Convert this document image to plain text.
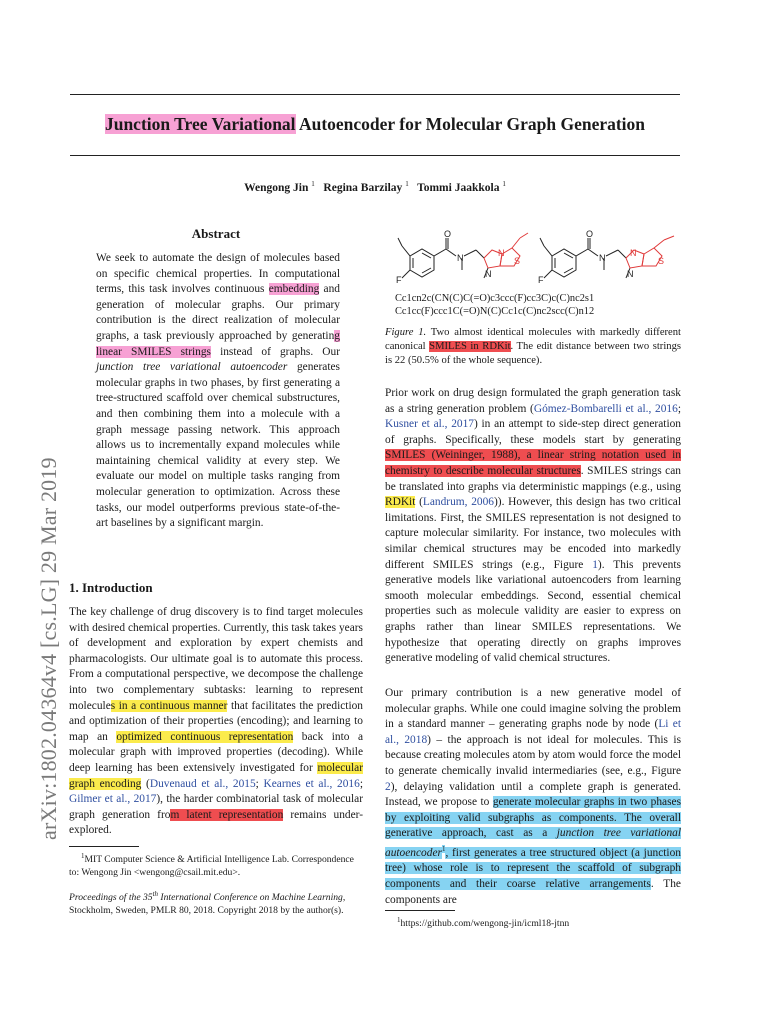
arXiv:1802.04364v4 [cs.LG] 29 Mar 2019
Junction Tree Variational Autoencoder for Molecular Graph Generation
Wengong Jin $^1$ Regina Barzilay $^1$ Tommi Jaakkola $^1$
Abstract

We seek to automate the design of molecules based on specific chemical properties. In computational terms, this task involves continuous embedding and generation of molecular graphs. Our primary contribution is the direct realization of molecular graphs, a task previously approached by generating linear SMILES strings instead of graphs. Our junction tree variational autoencoder generates molecular graphs in two phases, by first generating a tree-structured scaffold over chemical substructures, and then combining them into a molecule with a graph message passing network. This approach allows us to incrementally expand molecules while maintaining chemical validity at every step. We evaluate our model on multiple tasks ranging from molecular generation to optimization. Across these tasks, our model outperforms previous state-of-the-art baselines by a significant margin.

1. Introduction

The key challenge of drug discovery is to find target molecules with desired chemical properties. Currently, this task takes years of development and exploration by expert chemists and pharmacologists. Our ultimate goal is to automate this process. From a computational perspective, we decompose the challenge into two complementary subtasks: learning to represent molecules in a continuous manner that facilitates the prediction and optimization of their properties (encoding); and learning to map an optimized continuous representation back into a molecular graph with improved properties (decoding). While deep learning has been extensively investigated for molecular graph encoding (Duvenaud et al., 2015; Kearnes et al., 2016; Gilmer et al., 2017), the harder combinatorial task of molecular graph generation from latent representation remains under-explored.

$^1$MIT Computer Science & Artificial Intelligence Lab. Correspondence to: Wengong Jin <wengong@csail.mit.edu>.
Proceedings of the 35th International Conference on Machine Learning, Stockholm, Sweden, PMLR 80, 2018. Copyright 2018 by the author(s).
O
N
F
N
N
S
O
N
F
N
N
S
Cc1cn2c(CN(C)C(=O)c3ccc(F)cc3C)c(C)nc2s1
Cc1cc(F)ccc1C(=O)N(C)Cc1c(C)nc2scc(C)n12
Figure 1. Two almost identical molecules with markedly different canonical SMILES in RDKit. The edit distance between two strings is 22 (50.5% of the whole sequence).

Prior work on drug design formulated the graph generation task as a string generation problem (Gómez-Bombarelli et al., 2016; Kusner et al., 2017) in an attempt to side-step direct generation of graphs. Specifically, these models start by generating SMILES (Weininger, 1988), a linear string notation used in chemistry to describe molecular structures. SMILES strings can be translated into graphs via deterministic mappings (e.g., using RDKit (Landrum, 2006)). However, this design has two critical limitations. First, the SMILES representation is not designed to capture molecular similarity. For instance, two molecules with similar chemical structures may be encoded into markedly different SMILES strings (e.g., Figure 1). This prevents generative models like variational autoencoders from learning smooth molecular embeddings. Second, essential chemical properties such as molecule validity are easier to express on graphs rather than linear SMILES representations. We hypothesize that operating directly on graphs improves generative modeling of valid chemical structures.

Our primary contribution is a new generative model of molecular graphs. While one could imagine solving the problem in a standard manner – generating graphs node by node (Li et al., 2018) – the approach is not ideal for molecules. This is because creating molecules atom by atom would force the model to generate chemically invalid intermediaries (see, e.g., Figure 2), delaying validation until a complete graph is generated. Instead, we propose to generate molecular graphs in two phases by exploiting valid subgraphs as components. The overall generative approach, cast as a junction tree variational autoencoder$^1$, first generates a tree structured object (a junction tree) whose role is to represent the scaffold of subgraph components and their coarse relative arrangements. The components are

$^1$https://github.com/wengong-jin/icml18-jtnn
